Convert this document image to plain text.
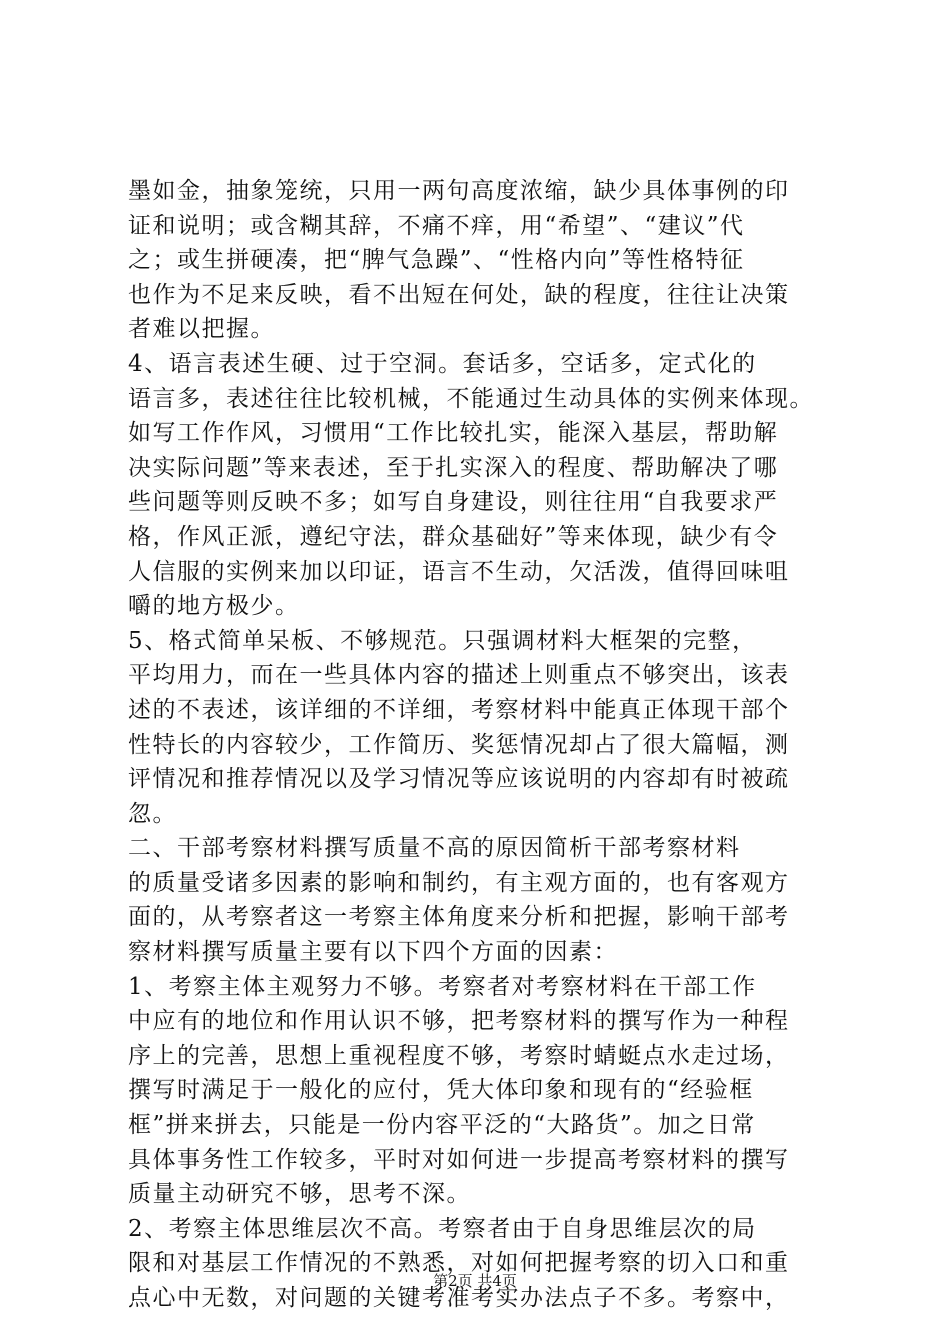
墨如金，抽象笼统，只用一两句高度浓缩，缺少具体事例的印
证和说明；或含糊其辞，不痛不痒，用“希望”、“建议”代
之；或生拼硬凑，把“脾气急躁”、“性格内向”等性格特征
也作为不足来反映，看不出短在何处，缺的程度，往往让决策
者难以把握。
4、语言表述生硬、过于空洞。套话多，空话多，定式化的
语言多，表述往往比较机械，不能通过生动具体的实例来体现。
如写工作作风，习惯用“工作比较扎实，能深入基层，帮助解
决实际问题”等来表述，至于扎实深入的程度、帮助解决了哪
些问题等则反映不多；如写自身建设，则往往用“自我要求严
格，作风正派，遵纪守法，群众基础好”等来体现，缺少有令
人信服的实例来加以印证，语言不生动，欠活泼，值得回味咀
嚼的地方极少。
5、格式简单呆板、不够规范。只强调材料大框架的完整，
平均用力，而在一些具体内容的描述上则重点不够突出，该表
述的不表述，该详细的不详细，考察材料中能真正体现干部个
性特长的内容较少，工作简历、奖惩情况却占了很大篇幅，测
评情况和推荐情况以及学习情况等应该说明的内容却有时被疏
忽。
二、干部考察材料撰写质量不高的原因简析干部考察材料
的质量受诸多因素的影响和制约，有主观方面的，也有客观方
面的，从考察者这一考察主体角度来分析和把握，影响干部考
察材料撰写质量主要有以下四个方面的因素：
1、考察主体主观努力不够。考察者对考察材料在干部工作
中应有的地位和作用认识不够，把考察材料的撰写作为一种程
序上的完善，思想上重视程度不够，考察时蜻蜓点水走过场，
撰写时满足于一般化的应付，凭大体印象和现有的“经验框
框”拼来拼去，只能是一份内容平泛的“大路货”。加之日常
具体事务性工作较多，平时对如何进一步提高考察材料的撰写
质量主动研究不够，思考不深。
2、考察主体思维层次不高。考察者由于自身思维层次的局
限和对基层工作情况的不熟悉，对如何把握考察的切入口和重
点心中无数，对问题的关键考准考实办法点子不多。考察中，
第2页 共4页
